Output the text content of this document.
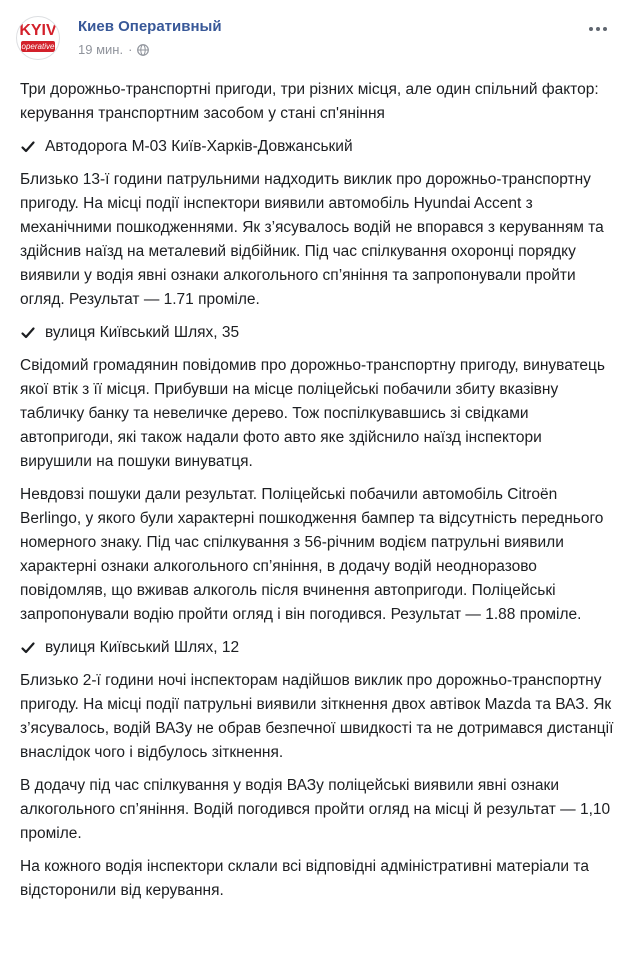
KYIV
operative
Киев Оперативный
19 мин. ·

Три дорожньо-транспортні пригоди, три різних місця, але один спільний фактор: керування транспортним засобом у стані сп'яніння

Автодорога М-03 Київ-Харків-Довжанський

Близько 13-ї години патрульними надходить виклик про дорожньо-транспортну пригоду. На місці події інспектори виявили автомобіль Hyundai Accent з механічними пошкодженнями. Як з’ясувалось водій не впорався з керуванням та здійснив наїзд на металевий відбійник. Під час спілкування охоронці порядку виявили у водія явні ознаки алкогольного сп’яніння та запропонували пройти огляд. Результат — 1.71 проміле.

вулиця Київський Шлях, 35

Свідомий громадянин повідомив про дорожньо-транспортну пригоду, винуватець якої втік з її місця. Прибувши на місце поліцейські побачили збиту вказівну табличку банку та невеличке дерево. Тож поспілкувавшись зі свідками автопригоди, які також надали фото авто яке здійснило наїзд інспектори вирушили на пошуки винуватця.

Невдовзі пошуки дали результат. Поліцейські побачили автомобіль Citroën Berlingo, у якого були характерні пошкодження бампер та відсутність переднього номерного знаку. Під час спілкування з 56-річним водієм патрульні виявили характерні ознаки алкогольного сп’яніння, в додачу водій неодноразово повідомляв, що вживав алкоголь після вчинення автопригоди. Поліцейські запропонували водію пройти огляд і він погодився. Результат — 1.88 проміле.

вулиця Київський Шлях, 12

Близько 2-ї години ночі інспекторам надійшов виклик про дорожньо-транспортну пригоду. На місці події патрульні виявили зіткнення двох автівок Mazda та ВАЗ. Як з’ясувалось, водій ВАЗу не обрав безпечної швидкості та не дотримався дистанції внаслідок чого і відбулось зіткнення.

В додачу під час спілкування у водія ВАЗу поліцейські виявили явні ознаки алкогольного сп’яніння. Водій погодився пройти огляд на місці й результат — 1,10 проміле.

На кожного водія інспектори склали всі відповідні адміністративні матеріали та відсторонили від керування.
